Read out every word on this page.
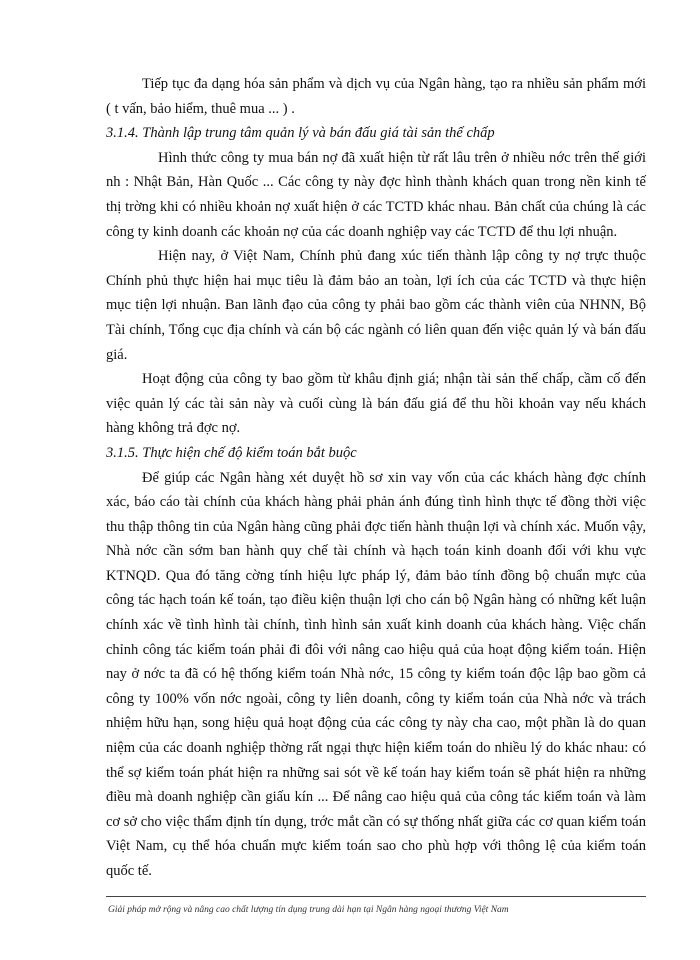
Tiếp tục đa dạng hóa sản phẩm và dịch vụ của Ngân hàng, tạo ra nhiều sản phẩm mới ( t vấn, bảo hiểm, thuê mua ... ) .

3.1.4. Thành lập trung tâm quản lý và bán đấu giá tài sản thế chấp

Hình thức công ty mua bán nợ đã xuất hiện từ rất lâu trên ở nhiều nớc trên thế giới nh : Nhật Bản, Hàn Quốc ... Các công ty này đợc hình thành khách quan trong nền kinh tế thị trờng khi có nhiều khoản nợ xuất hiện ở các TCTD khác nhau. Bản chất của chúng là các công ty kinh doanh các khoản nợ của các doanh nghiệp vay các TCTD để thu lợi nhuận.

Hiện nay, ở Việt Nam, Chính phủ đang xúc tiến thành lập công ty nợ trực thuộc Chính phủ thực hiện hai mục tiêu là đảm bảo an toàn, lợi ích của các TCTD và thực hiện mục tiện lợi nhuận. Ban lãnh đạo của công ty phải bao gồm các thành viên của NHNN, Bộ Tài chính, Tổng cục địa chính và cán bộ các ngành có liên quan đến việc quản lý và bán đấu giá.

Hoạt động của công ty bao gồm từ khâu định giá; nhận tài sản thế chấp, cầm cố đến việc quản lý các tài sản này và cuối cùng là bán đấu giá để thu hồi khoản vay nếu khách hàng không trả đợc nợ.

3.1.5. Thực hiện chế độ kiểm toán bắt buộc

Để giúp các Ngân hàng xét duyệt hồ sơ xin vay vốn của các khách hàng đợc chính xác, báo cáo tài chính của khách hàng phải phản ánh đúng tình hình thực tế đồng thời việc thu thập thông tin của Ngân hàng cũng phải đợc tiến hành thuận lợi và chính xác. Muốn vậy, Nhà nớc cần sớm ban hành quy chế tài chính và hạch toán kinh doanh đối với khu vực KTNQD. Qua đó tăng cờng tính hiệu lực pháp lý, đảm bảo tính đồng bộ chuẩn mực của công tác hạch toán kế toán, tạo điều kiện thuận lợi cho cán bộ Ngân hàng có những kết luận chính xác về tình hình tài chính, tình hình sản xuất kinh doanh của khách hàng. Việc chấn chỉnh công tác kiểm toán phải đi đôi với nâng cao hiệu quả của hoạt động kiểm toán. Hiện nay ở nớc ta đã có hệ thống kiểm toán Nhà nớc, 15 công ty kiểm toán độc lập bao gồm cả công ty 100% vốn nớc ngoài, công ty liên doanh, công ty kiểm toán của Nhà nớc và trách nhiệm hữu hạn, song hiệu quả hoạt động của các công ty này cha cao, một phần là do quan niệm của các doanh nghiệp thờng rất ngại thực hiện kiểm toán do nhiều lý do khác nhau: có thể sợ kiểm toán phát hiện ra những sai sót về kế toán hay kiểm toán sẽ phát hiện ra những điều mà doanh nghiệp cần giấu kín ... Để nâng cao hiệu quả của công tác kiểm toán và làm cơ sở cho việc thẩm định tín dụng, trớc mắt cần có sự thống nhất giữa các cơ quan kiểm toán Việt Nam, cụ thể hóa chuẩn mực kiểm toán sao cho phù hợp với thông lệ của kiểm toán quốc tế.

Giải pháp mở rộng và nâng cao chất lượng tín dụng trung dài hạn tại Ngân hàng ngoại thương Việt Nam
